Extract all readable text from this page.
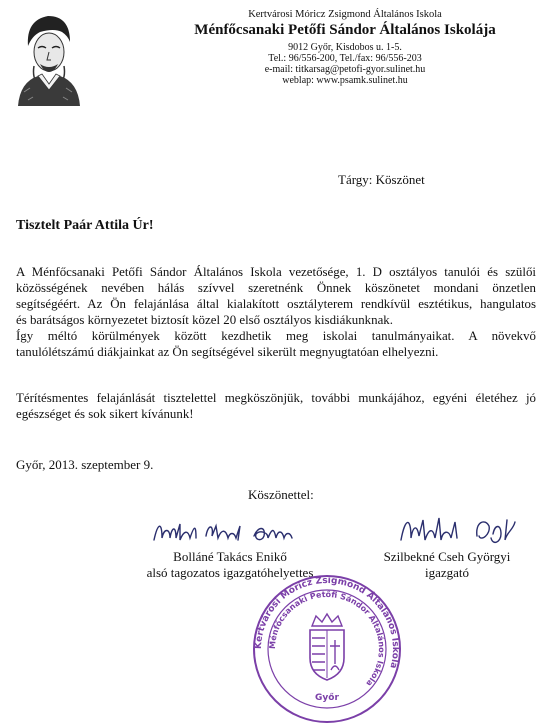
Kertvárosi Móricz Zsigmond Általános Iskola
Ménfőcsanaki Petőfi Sándor Általános Iskolája
9012 Győr, Kisdobos u. 1-5.
Tel.: 96/556-200, Tel./fax: 96/556-203
e-mail: titkarsag@petofi-gyor.sulinet.hu
weblap: www.psamk.sulinet.hu
Tárgy: Köszönet
Tisztelt Paár Attila Úr!
A Ménfőcsanaki Petőfi Sándor Általános Iskola vezetősége, 1. D osztályos tanulói és szülői
közösségének nevében hálás szívvel szeretnénk Önnek köszönetet mondani önzetlen
segítségéért. Az Ön felajánlása által kialakított osztályterem rendkívül esztétikus, hangulatos
és barátságos környezetet biztosít közel 20 első osztályos kisdiákunknak.
Így méltó körülmények között kezdhetik meg iskolai tanulmányaikat. A növekvő
tanulólétszámú diákjainkat az Ön segítségével sikerült megnyugtatóan elhelyezni.
Térítésmentes felajánlását tisztelettel megköszönjük, további munkájához, egyéni életéhez jó
egészséget és sok sikert kívánunk!
Győr, 2013. szeptember 9.
Köszönettel:
Bolláné Takács Enikő
alsó tagozatos igazgatóhelyettes
Szilbekné Cseh Györgyi
igazgató
Kertvárosi Móricz Zsigmond Általános Iskola
Ménfőcsanaki Petőfi Sándor Általános Iskola
Győr
